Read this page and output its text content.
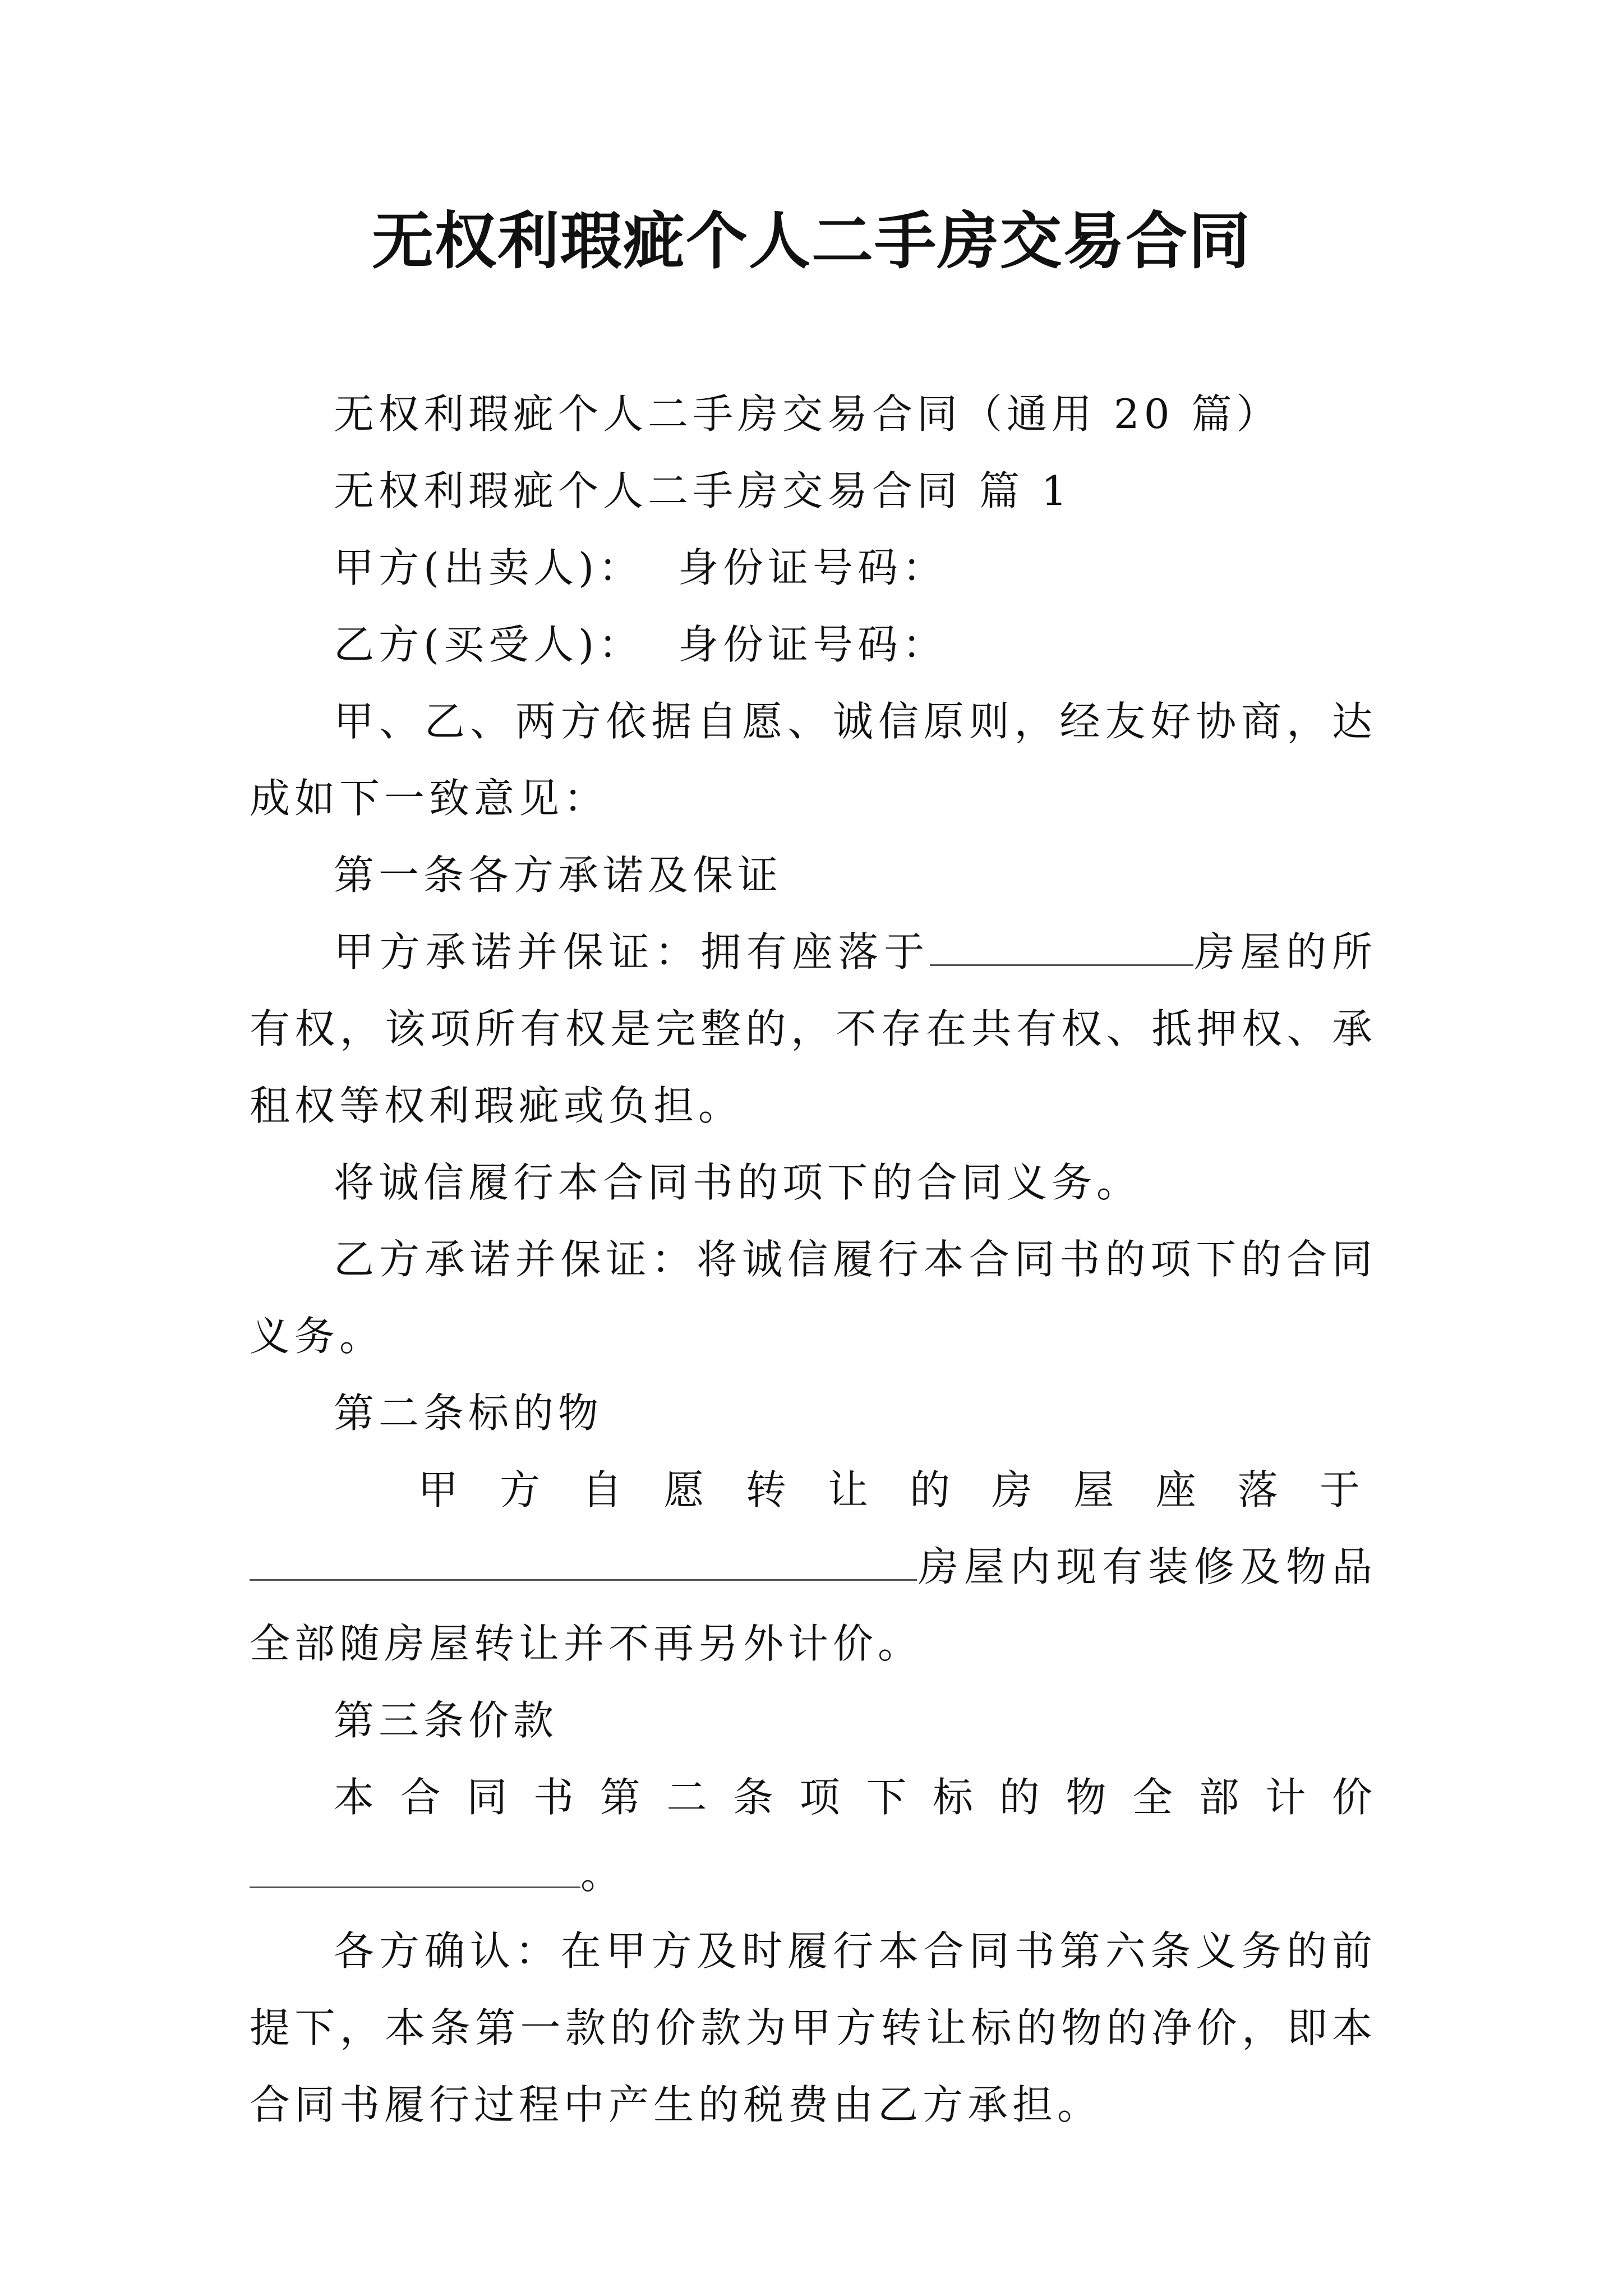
无权利瑕疵个人二手房交易合同

无权利瑕疵个人二手房交易合同（通用 20 篇）

无权利瑕疵个人二手房交易合同 篇 1

甲方(出卖人)：  身份证号码：

乙方(买受人)：  身份证号码：

甲、乙、两方依据自愿、诚信原则，经友好协商，达成如下一致意见：

第一条各方承诺及保证

甲方承诺并保证：拥有座落于	房屋的所有权，该项所有权是完整的，不存在共有权、抵押权、承租权等权利瑕疵或负担。

将诚信履行本合同书的项下的合同义务。

乙方承诺并保证：将诚信履行本合同书的项下的合同义务。

第二条标的物

甲方自愿转让的房屋座落于

房屋内现有装修及物品全部随房屋转让并不再另外计价。

第三条价款

本合同书第二条项下标的物全部计价。

各方确认：在甲方及时履行本合同书第六条义务的前提下，本条第一款的价款为甲方转让标的物的净价，即本合同书履行过程中产生的税费由乙方承担。
